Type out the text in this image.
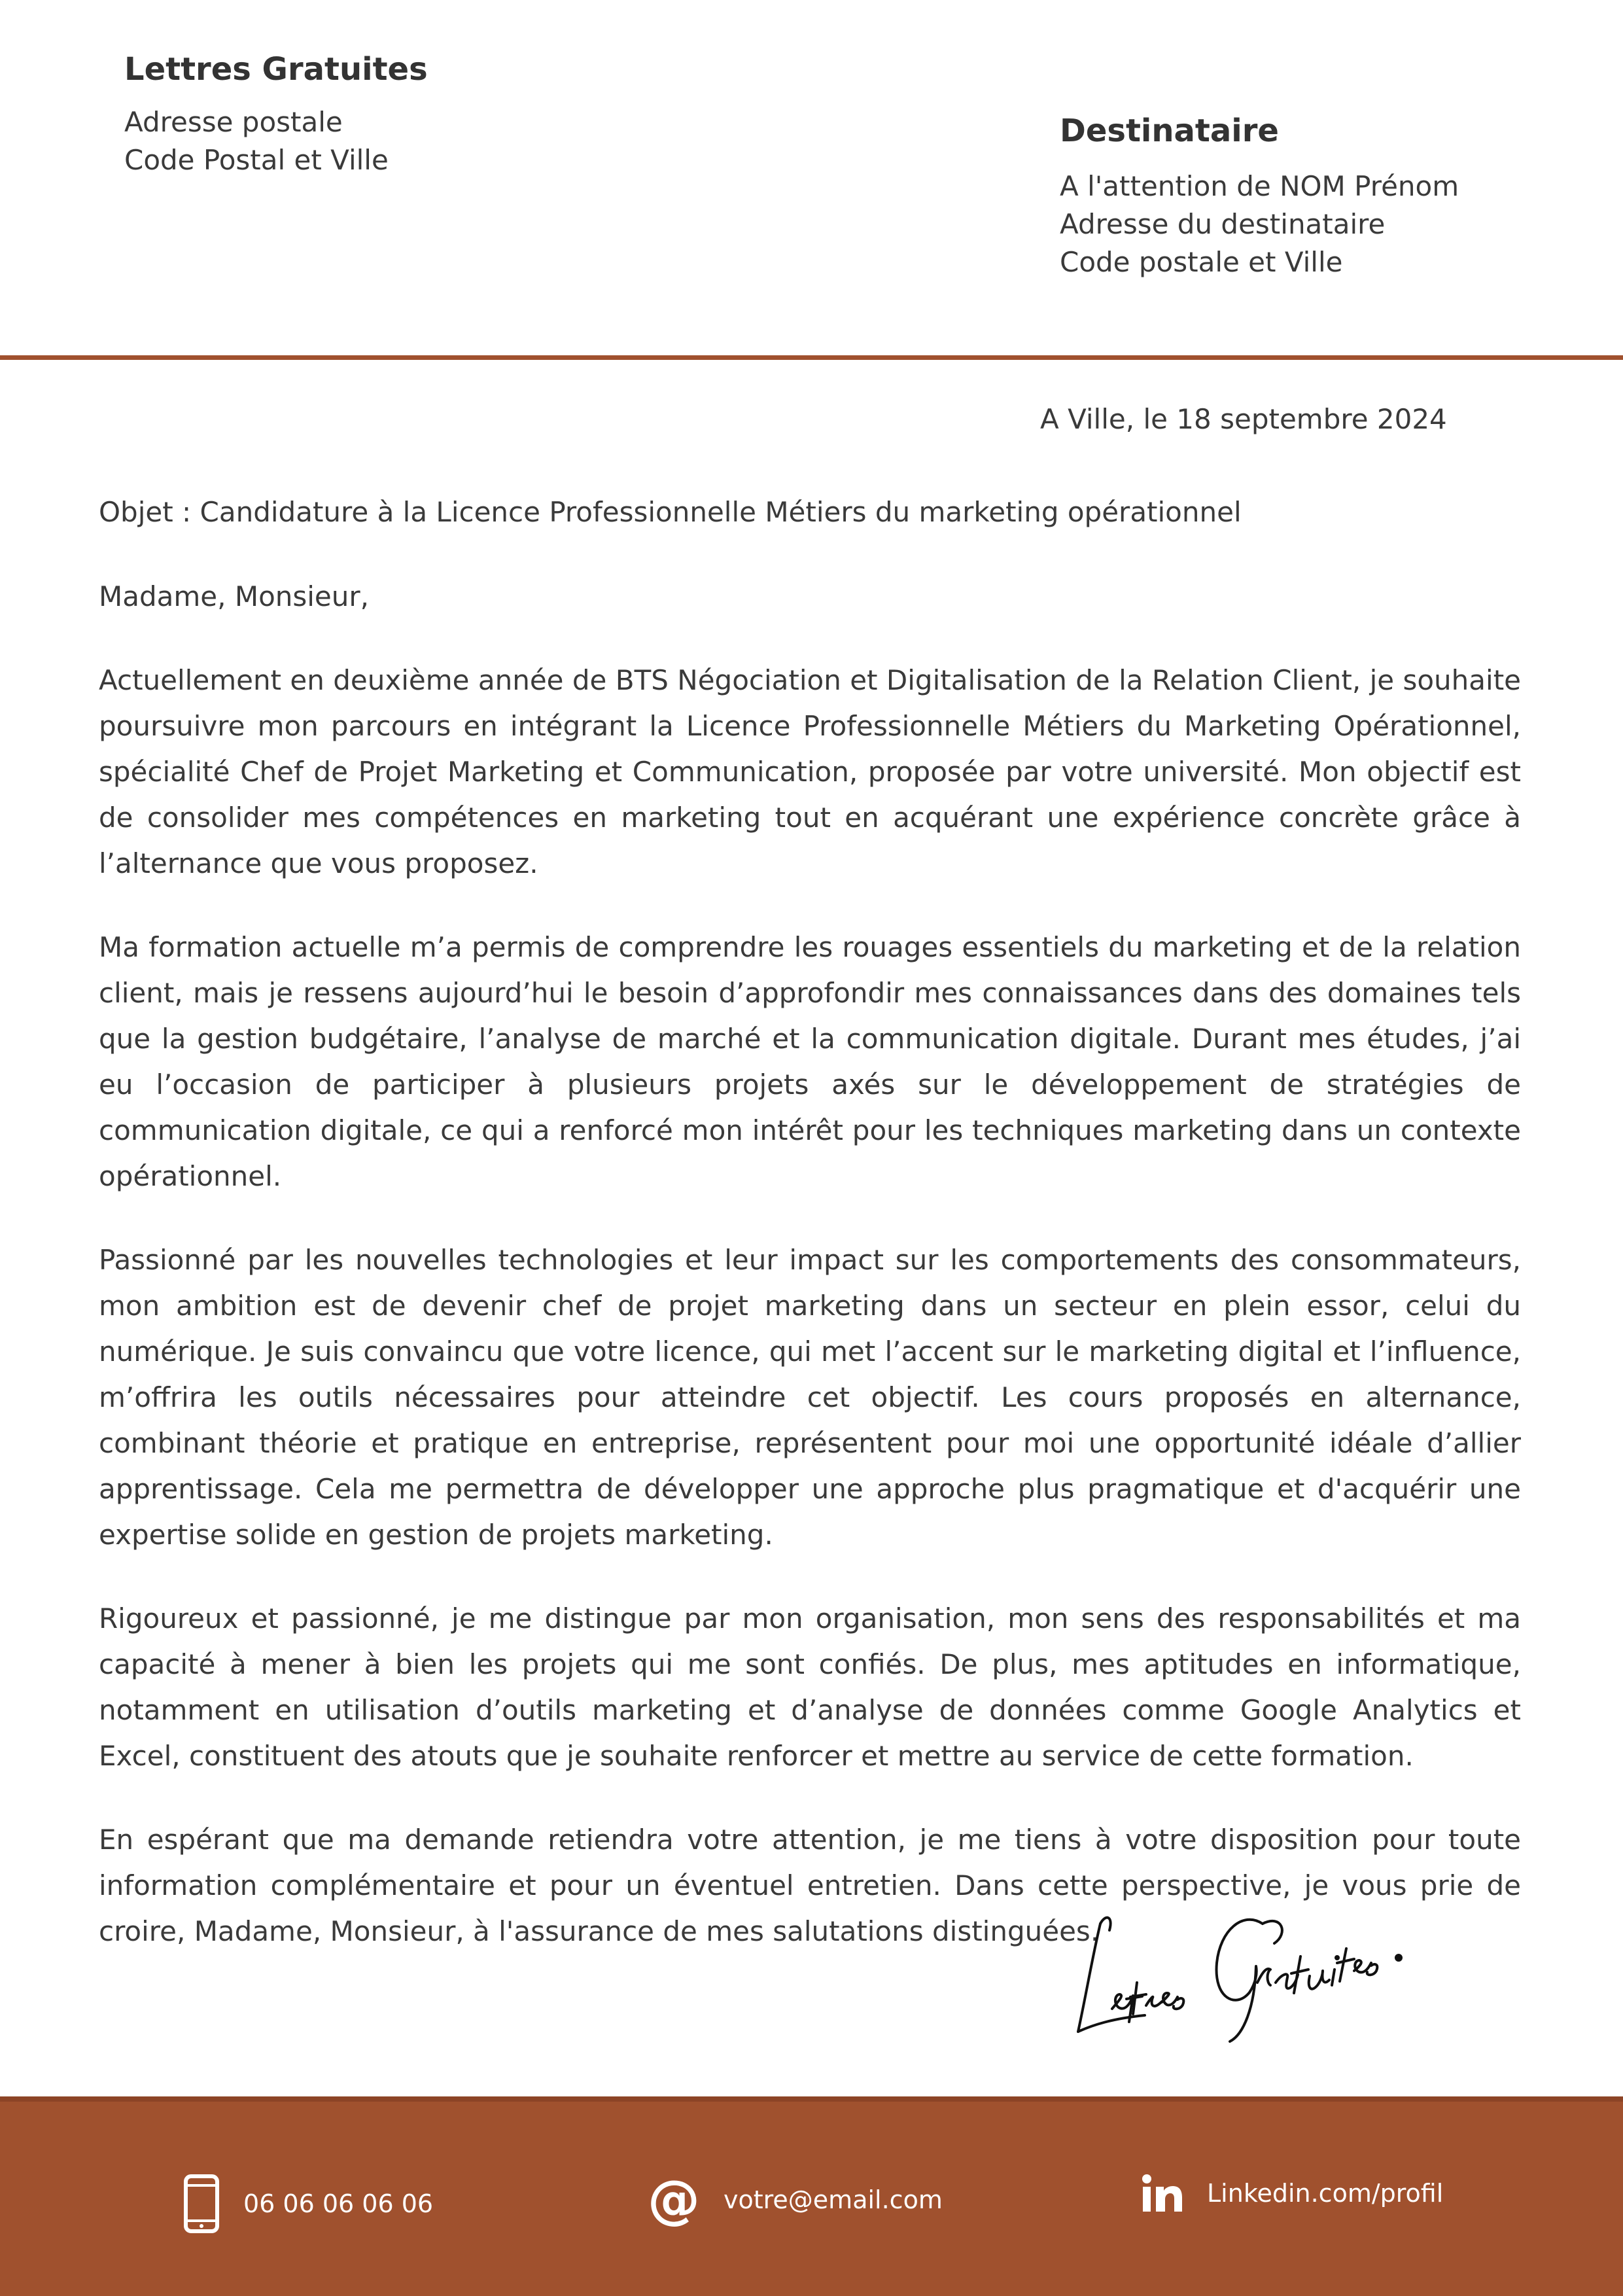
Lettres Gratuites
Adresse postale
Code Postal et Ville
Destinataire
A l'attention de NOM Prénom
Adresse du destinataire
Code postale et Ville
A Ville, le 18 septembre 2024
Objet : Candidature à la Licence Professionnelle Métiers du marketing opérationnel
Madame, Monsieur,

Actuellement en deuxième année de BTS Négociation et Digitalisation de la Relation Client, je souhaite poursuivre mon parcours en intégrant la Licence Professionnelle Métiers du Marketing Opérationnel, spécialité Chef de Projet Marketing et Communication, proposée par votre université. Mon objectif est de consolider mes compétences en marketing tout en acquérant une expérience concrète grâce à l’alternance que vous proposez.

Ma formation actuelle m’a permis de comprendre les rouages essentiels du marketing et de la relation client, mais je ressens aujourd’hui le besoin d’approfondir mes connaissances dans des domaines tels que la gestion budgétaire, l’analyse de marché et la communication digitale. Durant mes études, j’ai eu l’occasion de participer à plusieurs projets axés sur le développement de stratégies de communication digitale, ce qui a renforcé mon intérêt pour les techniques marketing dans un contexte opérationnel.

Passionné par les nouvelles technologies et leur impact sur les comportements des consommateurs, mon ambition est de devenir chef de projet marketing dans un secteur en plein essor, celui du numérique. Je suis convaincu que votre licence, qui met l’accent sur le marketing digital et l’influence, m’offrira les outils nécessaires pour atteindre cet objectif. Les cours proposés en alternance, combinant théorie et pratique en entreprise, représentent pour moi une opportunité idéale d’allier apprentissage. Cela me permettra de développer une approche plus pragmatique et d'acquérir une expertise solide en gestion de projets marketing.

Rigoureux et passionné, je me distingue par mon organisation, mon sens des responsabilités et ma capacité à mener à bien les projets qui me sont confiés. De plus, mes aptitudes en informatique, notamment en utilisation d’outils marketing et d’analyse de données comme Google Analytics et Excel, constituent des atouts que je souhaite renforcer et mettre au service de cette formation.

En espérant que ma demande retiendra votre attention, je me tiens à votre disposition pour toute information complémentaire et pour un éventuel entretien. Dans cette perspective, je vous prie de croire, Madame, Monsieur, à l'assurance de mes salutations distinguées.

06 06 06 06 06	@ votre@email.com	Linkedin.com/profil
